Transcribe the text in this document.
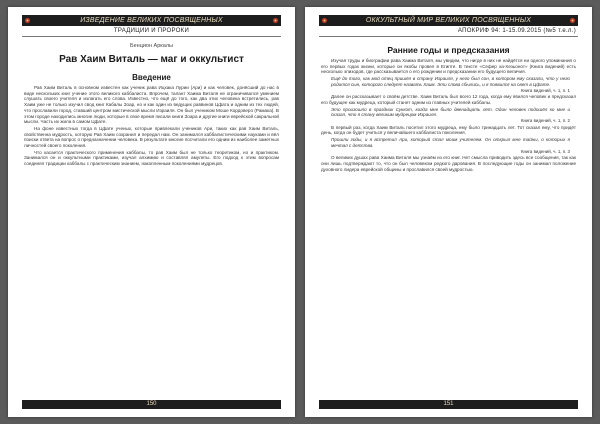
ИЗВЕДЕНИЕ ВЕЛИКИХ ПОСВЯЩЕННЫХ
ТРАДИЦИИ И ПРОРОКИ
Бенцион Аркалы
Рав Хаим Виталь — маг и оккультист
Введение

Рав Хаим Виталь в основном известен как ученик рава Ицхака Лурии (Ари) и как человек, донёсший до нас в виде нескольких книг учение этого великого каббалиста. Впрочем, талант Хаима Виталя не ограничивался умением слушать своего учителя и излагать его слова. Известно, что ещё до того, как два этих человека встретились, рав Хаим уже не только изучил свод книг Кабалы Зоар, но и как один из ведущих раввинов Цфата и одним из тех людей, что прославили город, ставший центром мистической мысли Израиля. Он был учеником Моше Кордоверо (Рамака). В этом городе находились многие люди, которые в свое время писали книги Зоара и другие книги еврейской сакральной мысли. Часть их жила в самом Цфате.

На фоне известных тогда в Цфате ученых, которые привлекали учеников Ари, таких как рав Хаим Виталь, свойственна мудрость, которую Рав Хаим сохранил и передал нам. Он занимался каббалистическими науками и вёл поиски ответа на вопрос о предназначении человека. В результате многие посчитали его одним из наиболее заметных личностей своего поколения.

Что касается практического применения каббалы, то рав Хаим был не только теоретиком, но и практиком. Занимался он и оккультными практиками, изучал алхимию и составлял амулеты. Его подход к этим вопросам соединял традиции каббалы с практическим знанием, накопленным поколениями мудрецов.

150
ОККУЛЬТНЫЙ МИР ВЕЛИКИХ ПОСВЯЩЕННЫХ
АПОКРИФ 94: 1-15.09.2015 (№5 т.е.л.)
Ранние годы и предсказания

Изучая труды и биографии рава Хаима Виталя, мы увидим, что нигде в них не найдётся ни одного упоминания о его первых годах жизни, которые он якобы провел в Египте. В тексте «Сефер ха-Хезьонот» (Книга видений) есть несколько эпизодов, где рассказывается о его рождении и предсказании его будущего величия.

Ещё до того, как мой отец пришёл в страну Израиля, у него был сон, в котором ему сказали, что у него родится сын, которого следует назвать Хаим. Эти слова сбылись, и я появился на свет в Цфате.

Книга видений, ч. 1, п. 1

Далее он рассказывает о своём детстве. Хаим Виталь был всего 12 года, когда ему явился человек и предсказал его будущее как мудреца, который станет одним из главных учителей каббалы.

Это произошло в праздник Суккот, когда мне было двенадцать лет. Один человек подошёл ко мне и сказал, что я стану великим мудрецом Израиля.

Книга видений, ч. 1, п. 2

В первый раз, когда Хаим Виталь посетил этого мудреца, ему было тринадцать лет. Тот сказал ему, что придёт день, когда он будет учиться у величайшего каббалиста поколения.

Прошли годы, и я встретил Ари, который стал моим учителем. Он открыл мне тайны, о которых я мечтал с детства.

Книга видений, ч. 1, п. 3

О великих душах рава Хаима Виталя мы узнаём из его книг. Нет смысла приводить здесь все сообщения, так как они лишь подтверждают то, что он был человеком редкого дарования. В последующие годы он занимал положение духовного лидера еврейской общины и прославился своей мудростью.

151
